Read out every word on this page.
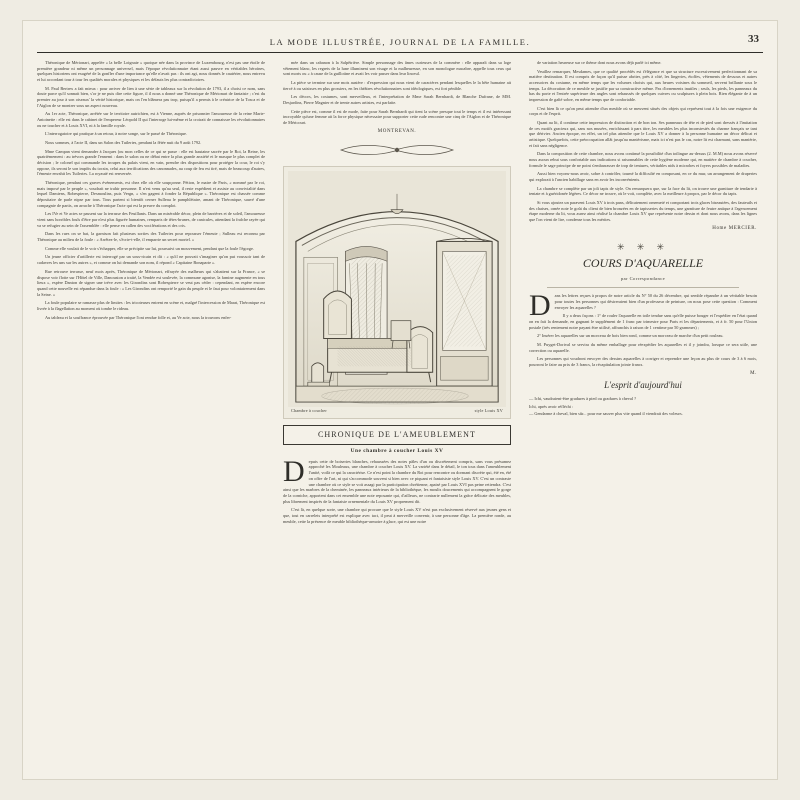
LA MODE ILLUSTRÉE, JOURNAL DE LA FAMILLE.	33

Théronique de Mérionart, appelée « la belle Loignaie » quoique née dans la province de Luxembourg, n'est pas une étoile de première grandeur ni même un personnage universel, mais l'époque révolutionnaire étant aussi pauvre en véritables héroïnes, quelques historiens ont exagéré de la gonfler d'une importance qu'elle n'avait pas : ils ont agi, nous donnés le cautérier, nous entrevu et lui accordant tour à tour les qualités morales et physiques et les défauts les plus contradictoires.

M. Paul Bertrex a fait mieux : pour arriver de lien à une série de tableaux sur la révolution de 1793, il a choisi ce nom, sans doute parce qu'il sonnait bien, s'or je ne puis dire cette figure, il il nous a donné une Théronique de Mérionart de fantaisie ; c'est du premier au jour à son oiseaux' la vérité historique, mais on l'en blâmera pas trop, puisqu'il a permis à le créatrice de la Tosca et de l'Aiglon de se montrer sous un aspect nouveau.

Au 1er acte, Théronique, arrêtée sur le territoire autrichien, est à Vienne, auprès de prisonnier l'amoureuse de la reine Marie-Antoinette : elle est dans le cabinet de l'empereur Léopold II qui l'interroge lui-même et la croirait de connaissre les révolutionnaires ou ne toucher et à Louis XVI, ni à la famille royale.

L'interrogatoire qui pratique à un retour, à notre songe, sur le passé de Théronique.

Nous sommes, à l'acte II, dans un Salon des Tuileries, pendant la fêtée nuit du 9 août 1792.

Mme Campan vient demander à Jacques (ou mon celles de ce qui se passe : elle est hautaine sacrée par le Roi, la Reine, les quatrièmement : au trévors grande l'ennemi : dans le salon ou ne débat entre la plus grande anxiété et le masque le plus complet de décision ; le colonel qui commande les troupes du palais vient, en vain, prendre des dispositions pour protéger la cour, le roi s'y oppose, ils seront le son impôts du tocsin, celui aux terrifications des canonnades, au coup de feu est tiré, mais de beaucoup d'autres, l'émeute envahit les Tuileries. La royauté est renversée.

Théronique, pendant ces graves événements, est chez elle où elle soupçonne. Pétion, le maire de Paris, « nommé par le roi, mais imposé par le peuple », voudrait ne trahir personne. Il n'est venu qu'au seul, il reste expédient et assiste au convivialité dans lequel Damiens, Robespierre, Desmoulins, puis Vergn, « s'en gagent à fonder la République ». Théronique est chassée comme dépositaire de parle nipse par tous. Tous partent si bientôt cerner Sulleau le pamphlétaire, amant de Théronique, sauvé d'une compagnie de partis, on arrache à Théronique l'acte qui est la preuve du complot.

Les IVe et Ve actes se passent sur la terrasse des Feuillants. Dans un misérable décor, plein de barrières et de soleil, l'amoureuse vient sans horribles fouls d'être par n'est plus figurée humaines, remparts de têtes-brunes, de canicules, attendant la fraîche rayée qui va se refugier au sein de l'assemblée : elle pense en callen des vociférations et des cris.

Dans les rues on se bat, la garnison fait plusieurs sorties des Tuileries pour repousser l'émeute ; Sulleau est reconnu par Théronique au milieu de la foule : « Arrêtez-le, s'écrie-t-elle, il emparrie un secret mortel. »

Comme elle voulait de le voir s'échapper, elle se précipite sur lui, poursuivi un mouvement, pendant que la foule l'égorge.

Un jeune officier d'artillerie est interrogé par un sous-ricain et dit : « qu'il ne pouvait s'imaginer qu'on put voussoir tant de cadavres les uns sur les autres », et comme on lui demande son nom, il répond « Capitaine Bonaparte ».

Rue retrouve terrasse, neuf mois après, Théronique de Mérionart, effrayée des malheurs qui s'abattent sur la France, « se dispose voir flotte sur l'Hôtel de Ville, Danouston a traité, la Vendée est soulevée, la commune agonise, la famine augmente en tous lieux », espère Danton de signer une tréve avec les Girondins sont Robespierre se veut pas céder : cependant, en espère encore quand cette nouvelle est répandue dans la foule : « Les Girondins ont remporté le gain du peuple et le faut pour volontairement dans la Seine. »

La foule populaire se ramasse plus de limites : les tricoteuses entrent en scène et, malgré l'intercession de Marat, Théronique est livrée à la flagellation au moment où tombe le rideau.

Au tableau et la souffrance éprouvée par Théronique l'ont rendue folle et, au Ve acte, nous la trouvons enfer-

mée dans un cabanon à la Salpêtrière. Simple personnage des âmes curieuses de la commère : elle apparaît dans sa loge vêtement blanc, les regrets de la lune illuminent son visage et la malheureuse, en son monologue macabre, appelle tous ceux qui sont morts ou « à cause de la guillotine et avait les voir passer dans leur linceul.

La pièce se termine sur une mois austère : d'expression qui nous vient de caractères pendant lesquelles le la bête humaine ait tiercé à ou saisisses en plus grossiers, en les théâtres révolutionnaires sont idéologiques, est fort pénible.

Les décors, les costumes, sont merveilleux, et l'interprétation de Mme Sarah Bernhardt, de Blanche Dufrane, de MM. Desjardins, Pierre Magnier et de trente autres artistes, est parfaite.

Cette pièce est, comme il est de mode, faite pour Sarah Bernhardt qui tient la scène presque tout le temps et il est intéressant incroyable qu'une femme ait la force physique nécessaire pour supporter cette rude rencontre une cinq de l'Aiglon et de Théronique de Méricourt.

MONTREVAN.

Chambre à coucher	style Louis XV
CHRONIQUE DE L'AMEUBLEMENT
Une chambre à coucher Louis XV

Depuis cette de boiseries blanches, rehaussées des notes pâles d'un ou discrètement compris, sans vous présumez approché les Mouleaux, une chambre à coucher Louis XV. La variété dans le détail, le ton tous dans l'ameublement l'unité, voilà ce qui la caractérise. Ce n'est point la chambre du Roi pour rencontre ou dormant discrète qui, été en, été on offre de l'art, ni qui s'accommode souvent si bien avec ce piquant et fantaisiste style Louis XV. C'est un contraste une chambre où ce style se voit assagi par la participation chrétienne, apaisé par Louis XVI pas peine retiendra. C'est ainsi que les marbres de la cheminée, les panneaux intérieurs de la bibliothèque, les moulis doucements qui accompagnent le gorge de la corniche, apportent dans cet ensemble une note reposante qui, d'ailleurs, ne contrarie nullement la grâce délicate des meubles, plus librement inspirés de la fantaisie ornementale du Louis XV proprement dit.

C'est là, en quelque sorte, une chambre qui procure que le style Louis XV n'est pas exclusivement réservé aux jeunes gens et que, tout en carrelets interprété est explique avec tact, il peut à merveille convenir, à une personne d'âge. La première ronde, au meuble, cette la présence de meuble bibliothèque-armoire à glace, qui est une noire

de variation heureuse sur ce thème dont nous avons déjà parlé ici même.

Veuillez remarquer, Mesdames, que ce qualité procédés est t'élégance et que sa structure excessivement perfectionnant de sa matière destination. Il est compris de façon qu'il puisse abriter, près à côté, les lingeries, étoffes, vêtements de dessous et autres accessoires du costume, en même temps que les volumes choisis qui, aux heures voisines du sommeil, servent brillante sous le temps. La décoration de ce meuble se justifie par sa constructive même. Pas d'ornements inutiles ; seuls, les pieds, les panneaux du bas du porte et l'entrée supérieure des angles sont rehaussés de quelques cuivres ou sculptures à plein bois. Rien élégante de à un impression de gaîté sobre, en même temps que de confortable.

C'est bien là ce qu'on peut attendre d'un meuble où se meuvent situés des objets qui représent tout à la fois une exigence du corps et de l'esprit.

Quant au lit, il continue cette impression de distinction et de bon ton. Ses panneaux de tête et de pied sont dressés à l'imitation de ces motifs gracieux qui, sans nos musées, enrichissant à pars titre, les meubles les plus inconstestés du charme français se tant que dérivier. Ancien époque, en effet, un tel plus attendre que le Louis XV a donner à la personne humaine un décor délicat et artistique. Quelquefois, cette préoccupation allât jusqu'au manièrisme, mais ici n'est pas le cas, notre lit est charmant, sans maniérie, et fait sans négligence.

Dans la composition de cette chambre, nous avons continué la possibilité d'un toilingue au-dessus (2. M.M) nous avons réservé nous aucun rebut sous confortable aux indications si raisonnables de cette hygiène moderne qui, en matière de chambre à coucher, formule le sage principe de ne point s'embarrasser de trop de tentures, véritables nids à microbes et foyers possibles de maladies.

Aussi bien voyons-nous avoir, sobre à contrôler, tourné la difficulté en composant, en ce du mur, un arrangement de draperies qui explorait à l'ancien habillage sans en avoir les inconvénients.

La chambre se complète par un joli tapis de style. On remarquera que, sur la face du lit, on trouve une garniture de tendarie à tentate et à guéridonée légères. Ce décor ne trouve, où le voit, complète, avec la meilleure à propos, par le décor du tapis.

Si vous ajoutez un paravent Louis XV à trois pans, délicatement ornemeté et comportant trois glaces biseautées, des fauteuils et des chaises, ornée note le goût du client de bien bronzées en de tapisseries du temps, une garniture de feutre antique à l'agencement étape moderne du lit, vous aurez ainsi réalisé la chambre Louis XV que représente notre dessin et dont nous avons, dans les lignes que l'on vient de lire, condense tous les mérites.

Home MERCIER.

✳ ✳ ✳
COURS D'AQUARELLE
par Correspondance

Dans les lettres reçues à propos de notre article du N° 50 du 26 décembre, qui semble répandre à un véritable besoin pour toutes les personnes qui désireraient bien d'un professeur de peinture, on nous pose cette question : Comment envoyer les aquarelles ?

Il y a deux façons : 1° de rouler l'aquarelle en toile tendue sans qu'elle puisse bouger et l'expédier en l'état quand on en fait la demande, en gagnant le supplément de 1 franc par trimestre pour Paris et les départements, et à fr. 50 pour l'Union postale (très rentement notre payant être utilisé, affranchis à raison de 1 centime par 50 grammes) ;

2° Insérer les aquarelles sur un morceau de bois bien rond, comme un morceau de marche d'un petit rouleau.

M. Puyget-Dorival se servira du même emballage pour réexpédier les aquarelles et il y joindra, lorsque ce sera utile, une correction ou aquarelle.

Les personnes qui voudront envoyer des dessins aquarelles à corriger et reprendre une leçon au plus de cours de 3 à 6 mois, pourront le faire au prix de 3 francs, la récapitulation jointe francs.

M.

L'esprit d'aujourd'hui

— Ichi, vaudraient-être gradures à pied ou gradures à cheval ?

Ichi, après avoir réfléchi :

— Gendarme à cheval, bien sûr... pour me sauver plus vite quand il viendrait des voleurs.
